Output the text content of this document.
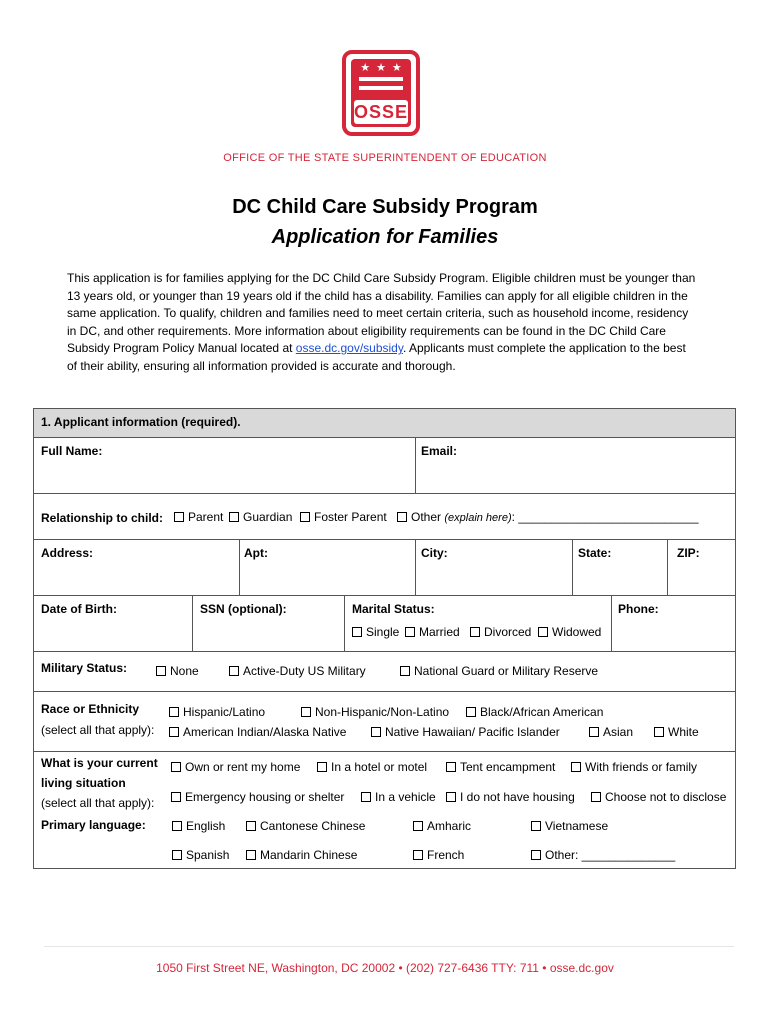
★★★
OSSE
OFFICE OF THE STATE SUPERINTENDENT OF EDUCATION
DC Child Care Subsidy Program
Application for Families
This application is for families applying for the DC Child Care Subsidy Program. Eligible children must be younger than 13 years old, or younger than 19 years old if the child has a disability. Families can apply for all eligible children in the same application. To qualify, children and families need to meet certain criteria, such as household income, residency in DC, and other requirements. More information about eligibility requirements can be found in the DC Child Care Subsidy Program Policy Manual located at osse.dc.gov/subsidy. Applicants must complete the application to the best of their ability, ensuring all information provided is accurate and thorough.
1. Applicant information (required).
Full Name:	Email:
Relationship to child:	Parent	Guardian	Foster Parent	Other (explain here): ___________________________
Address:	Apt:	City:	State:	ZIP:
Date of Birth:	SSN (optional):	Marital Status:	Phone:
Single	Married	Divorced	Widowed
Military Status:	None	Active-Duty US Military	National Guard or Military Reserve
Race or Ethnicity
(select all that apply):
Hispanic/Latino	Non-Hispanic/Non-Latino	Black/African American
American Indian/Alaska Native	Native Hawaiian/ Pacific Islander	Asian	White
What is your current
living situation
(select all that apply):
Own or rent my home	In a hotel or motel	Tent encampment	With friends or family
Emergency housing or shelter	In a vehicle	I do not have housing	Choose not to disclose
Primary language:	English	Cantonese Chinese	Amharic	Vietnamese
Spanish	Mandarin Chinese	French	Other: ______________
1050 First Street NE, Washington, DC 20002 • (202) 727-6436 TTY: 711 • osse.dc.gov
